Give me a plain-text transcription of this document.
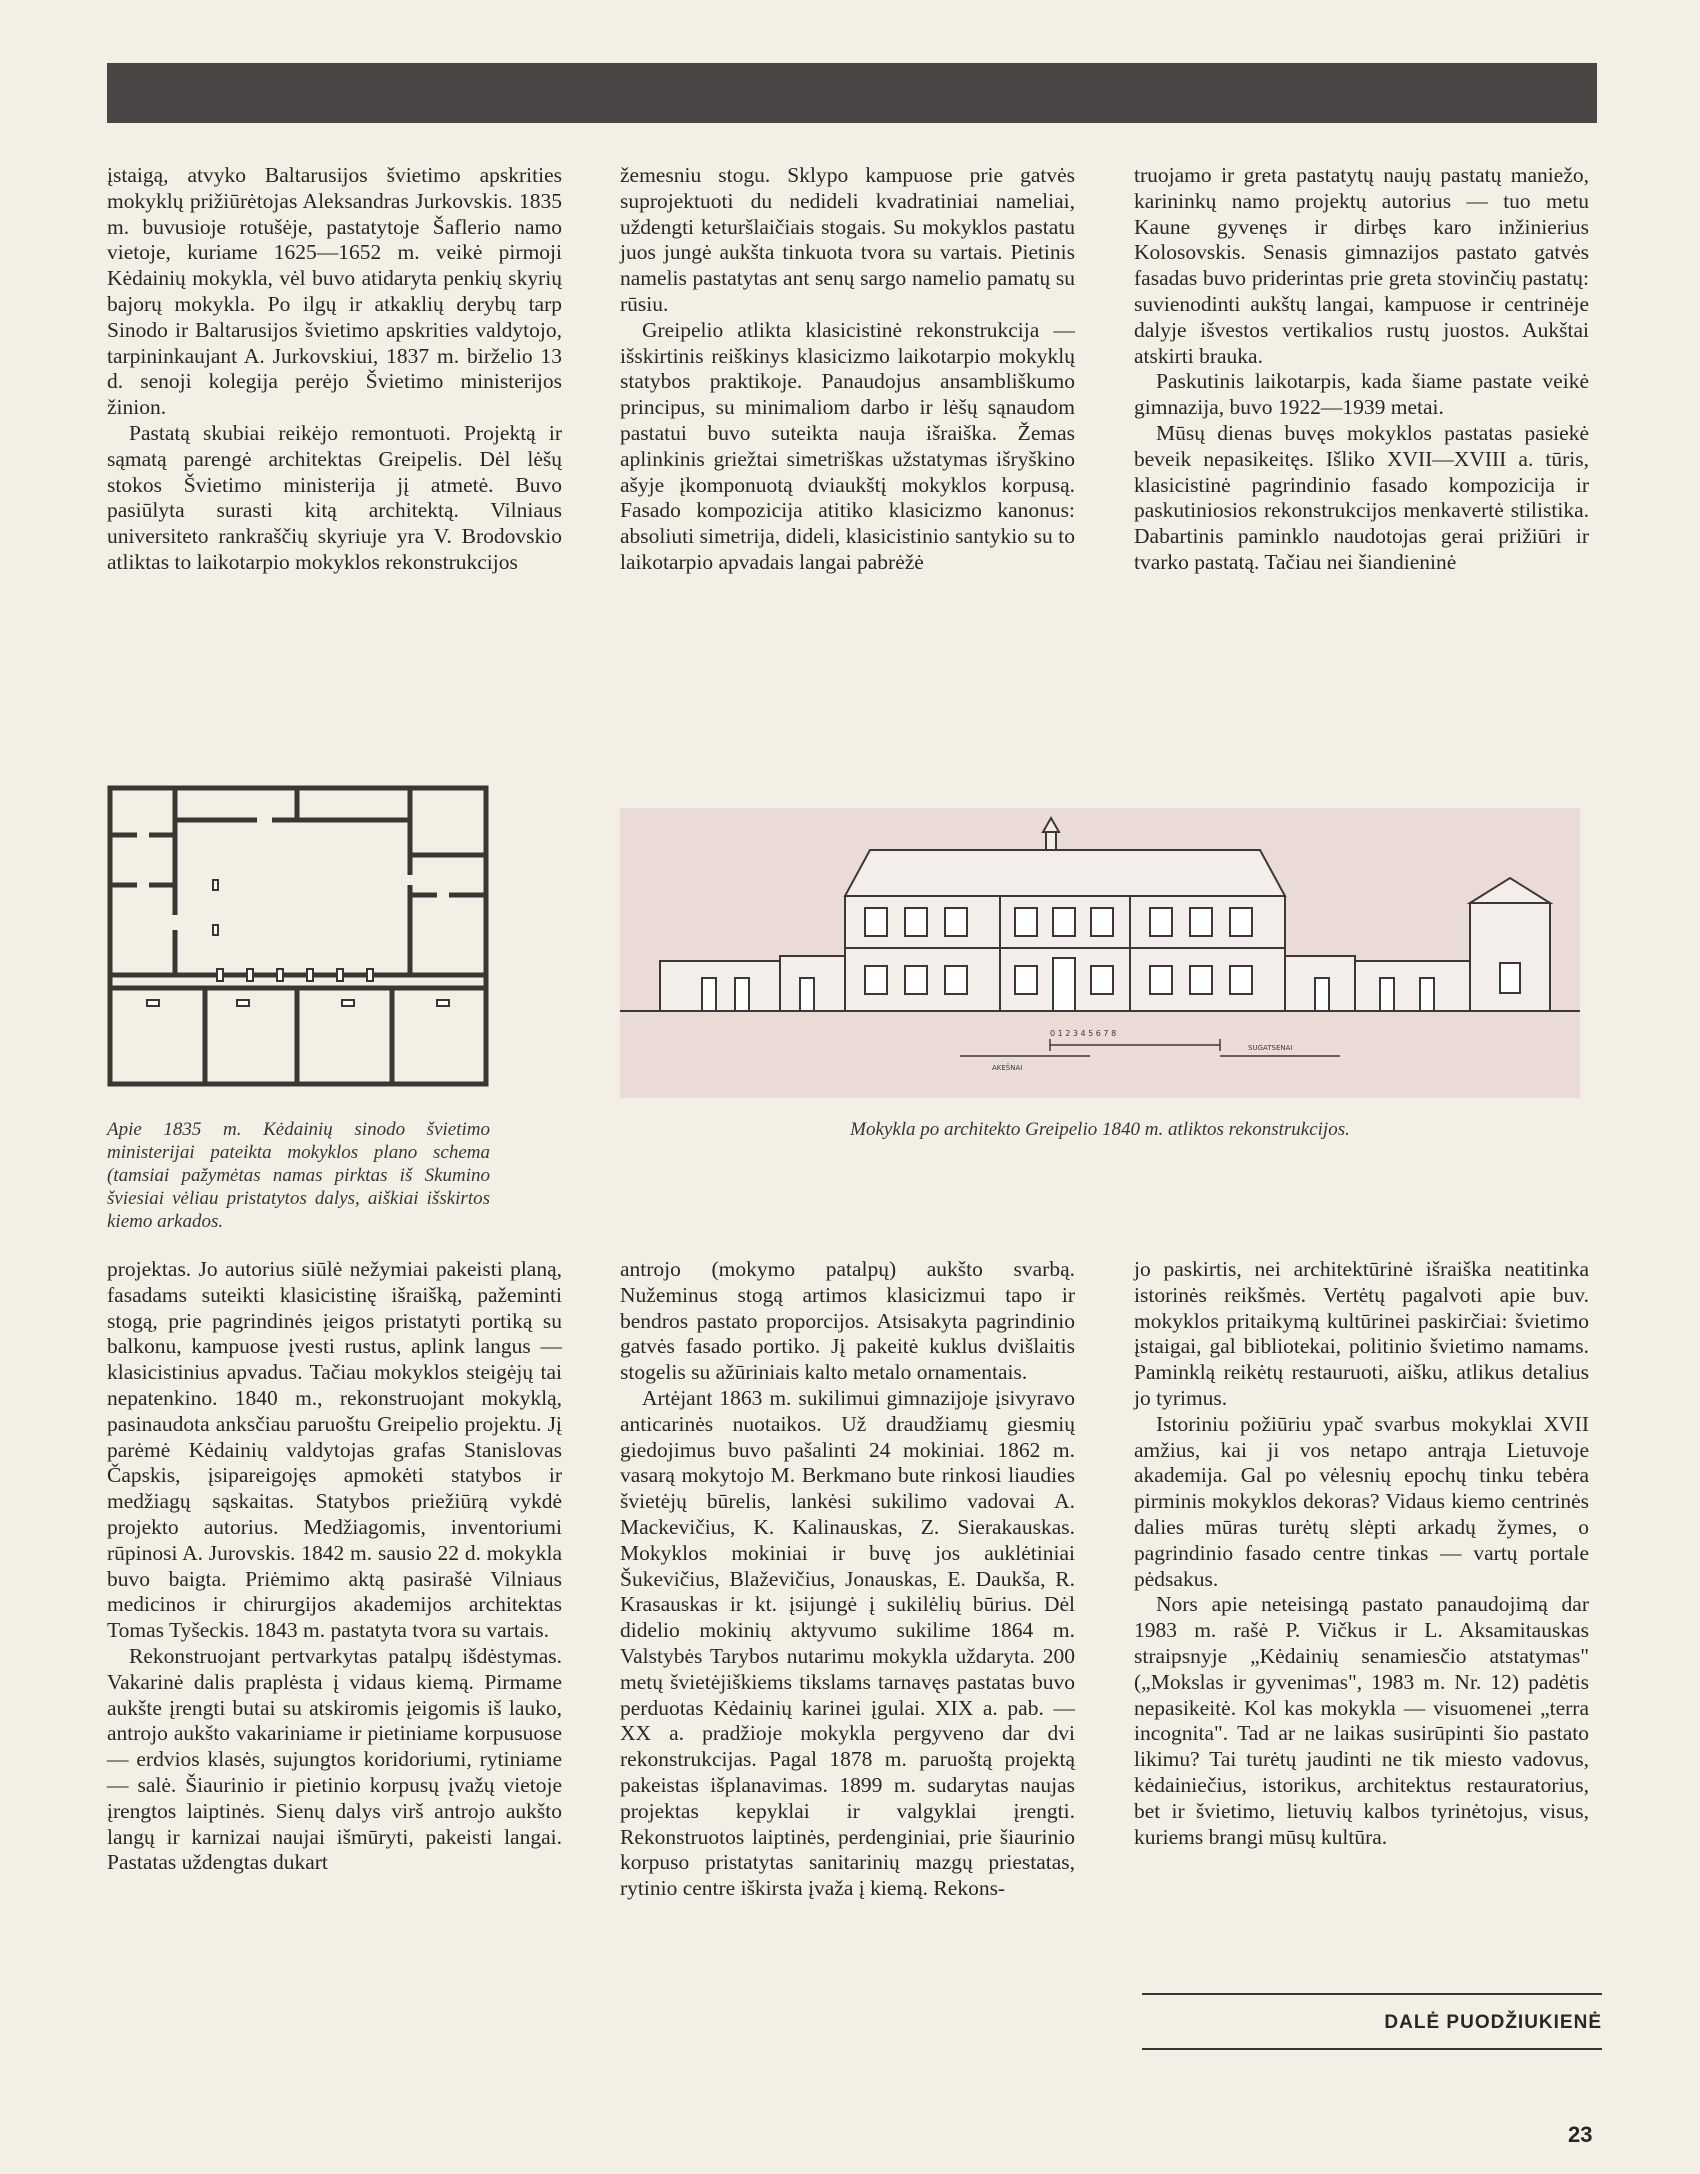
įstaigą, atvyko Baltarusijos švietimo apskrities mokyklų prižiūrėtojas Aleksandras Jurkovskis. 1835 m. buvusioje rotušėje, pastatytoje Šaflerio namo vietoje, kuriame 1625—1652 m. veikė pirmoji Kėdainių mokykla, vėl buvo atidaryta penkių skyrių bajorų mokykla. Po ilgų ir atkaklių derybų tarp Sinodo ir Baltarusijos švietimo apskrities valdytojo, tarpininkaujant A. Jurkovskiui, 1837 m. birželio 13 d. senoji kolegija perėjo Švietimo ministerijos žinion.

Pastatą skubiai reikėjo remontuoti. Projektą ir sąmatą parengė architektas Greipelis. Dėl lėšų stokos Švietimo ministerija jį atmetė. Buvo pasiūlyta surasti kitą architektą. Vilniaus universiteto rankraščių skyriuje yra V. Brodovskio atliktas to laikotarpio mokyklos rekonstrukcijos

žemesniu stogu. Sklypo kampuose prie gatvės suprojektuoti du nedideli kvadratiniai nameliai, uždengti keturšlaičiais stogais. Su mokyklos pastatu juos jungė aukšta tinkuota tvora su vartais. Pietinis namelis pastatytas ant senų sargo namelio pamatų su rūsiu.

Greipelio atlikta klasicistinė rekonstrukcija — išskirtinis reiškinys klasicizmo laikotarpio mokyklų statybos praktikoje. Panaudojus ansambliškumo principus, su minimaliom darbo ir lėšų sąnaudom pastatui buvo suteikta nauja išraiška. Žemas aplinkinis griežtai simetriškas užstatymas išryškino ašyje įkomponuotą dviaukštį mokyklos korpusą. Fasado kompozicija atitiko klasicizmo kanonus: absoliuti simetrija, dideli, klasicistinio santykio su to laikotarpio apvadais langai pabrėžė

truojamo ir greta pastatytų naujų pastatų maniežo, karininkų namo projektų autorius — tuo metu Kaune gyvenęs ir dirbęs karo inžinierius Kolosovskis. Senasis gimnazijos pastato gatvės fasadas buvo priderintas prie greta stovinčių pastatų: suvienodinti aukštų langai, kampuose ir centrinėje dalyje išvestos vertikalios rustų juostos. Aukštai atskirti brauka.

Paskutinis laikotarpis, kada šiame pastate veikė gimnazija, buvo 1922—1939 metai.

Mūsų dienas buvęs mokyklos pastatas pasiekė beveik nepasikeitęs. Išliko XVII—XVIII a. tūris, klasicistinė pagrindinio fasado kompozicija ir paskutiniosios rekonstrukcijos menkavertė stilistika. Dabartinis paminklo naudotojas gerai prižiūri ir tvarko pastatą. Tačiau nei šiandieninė

0 1 2 3 4 5 6 7 8
AKEŠNAI
SUGATSENAI
Apie 1835 m. Kėdainių sinodo švietimo ministerijai pateikta mokyklos plano schema (tamsiai pažymėtas namas pirktas iš Skumino šviesiai vėliau pristatytos dalys, aiškiai išskirtos kiemo arkados.
Mokykla po architekto Greipelio 1840 m. atliktos rekonstrukcijos.

projektas. Jo autorius siūlė nežymiai pakeisti planą, fasadams suteikti klasicistinę išraišką, pažeminti stogą, prie pagrindinės įeigos pristatyti portiką su balkonu, kampuose įvesti rustus, aplink langus — klasicistinius apvadus. Tačiau mokyklos steigėjų tai nepatenkino. 1840 m., rekonstruojant mokyklą, pasinaudota anksčiau paruoštu Greipelio projektu. Jį parėmė Kėdainių valdytojas grafas Stanislovas Čapskis, įsipareigojęs apmokėti statybos ir medžiagų sąskaitas. Statybos priežiūrą vykdė projekto autorius. Medžiagomis, inventoriumi rūpinosi A. Jurovskis. 1842 m. sausio 22 d. mokykla buvo baigta. Priėmimo aktą pasirašė Vilniaus medicinos ir chirurgijos akademijos architektas Tomas Tyšeckis. 1843 m. pastatyta tvora su vartais.

Rekonstruojant pertvarkytas patalpų išdėstymas. Vakarinė dalis praplėsta į vidaus kiemą. Pirmame aukšte įrengti butai su atskiromis įeigomis iš lauko, antrojo aukšto vakariniame ir pietiniame korpusuose — erdvios klasės, sujungtos koridoriumi, rytiniame — salė. Šiaurinio ir pietinio korpusų įvažų vietoje įrengtos laiptinės. Sienų dalys virš antrojo aukšto langų ir karnizai naujai išmūryti, pakeisti langai. Pastatas uždengtas dukart

antrojo (mokymo patalpų) aukšto svarbą. Nužeminus stogą artimos klasicizmui tapo ir bendros pastato proporcijos. Atsisakyta pagrindinio gatvės fasado portiko. Jį pakeitė kuklus dvišlaitis stogelis su ažūriniais kalto metalo ornamentais.

Artėjant 1863 m. sukilimui gimnazijoje įsivyravo anticarinės nuotaikos. Už draudžiamų giesmių giedojimus buvo pašalinti 24 mokiniai. 1862 m. vasarą mokytojo M. Berkmano bute rinkosi liaudies švietėjų būrelis, lankėsi sukilimo vadovai A. Mackevičius, K. Kalinauskas, Z. Sierakauskas. Mokyklos mokiniai ir buvę jos auklėtiniai Šukevičius, Blaževičius, Jonauskas, E. Daukša, R. Krasauskas ir kt. įsijungė į sukilėlių būrius. Dėl didelio mokinių aktyvumo sukilime 1864 m. Valstybės Tarybos nutarimu mokykla uždaryta. 200 metų švietėjiškiems tikslams tarnavęs pastatas buvo perduotas Kėdainių karinei įgulai. XIX a. pab. — XX a. pradžioje mokykla pergyveno dar dvi rekonstrukcijas. Pagal 1878 m. paruoštą projektą pakeistas išplanavimas. 1899 m. sudarytas naujas projektas kepyklai ir valgyklai įrengti. Rekonstruotos laiptinės, perdenginiai, prie šiaurinio korpuso pristatytas sanitarinių mazgų priestatas, rytinio centre iškirsta įvaža į kiemą. Rekons-

jo paskirtis, nei architektūrinė išraiška neatitinka istorinės reikšmės. Vertėtų pagalvoti apie buv. mokyklos pritaikymą kultūrinei paskirčiai: švietimo įstaigai, gal bibliotekai, politinio švietimo namams. Paminklą reikėtų restauruoti, aišku, atlikus detalius jo tyrimus.

Istoriniu požiūriu ypač svarbus mokyklai XVII amžius, kai ji vos netapo antrąja Lietuvoje akademija. Gal po vėlesnių epochų tinku tebėra pirminis mokyklos dekoras? Vidaus kiemo centrinės dalies mūras turėtų slėpti arkadų žymes, o pagrindinio fasado centre tinkas — vartų portale pėdsakus.

Nors apie neteisingą pastato panaudojimą dar 1983 m. rašė P. Vičkus ir L. Aksamitauskas straipsnyje „Kėdainių senamiesčio atstatymas" („Mokslas ir gyvenimas", 1983 m. Nr. 12) padėtis nepasikeitė. Kol kas mokykla — visuomenei „terra incognita". Tad ar ne laikas susirūpinti šio pastato likimu? Tai turėtų jaudinti ne tik miesto vadovus, kėdainiečius, istorikus, architektus restauratorius, bet ir švietimo, lietuvių kalbos tyrinėtojus, visus, kuriems brangi mūsų kultūra.

DALĖ PUODŽIUKIENĖ
23
